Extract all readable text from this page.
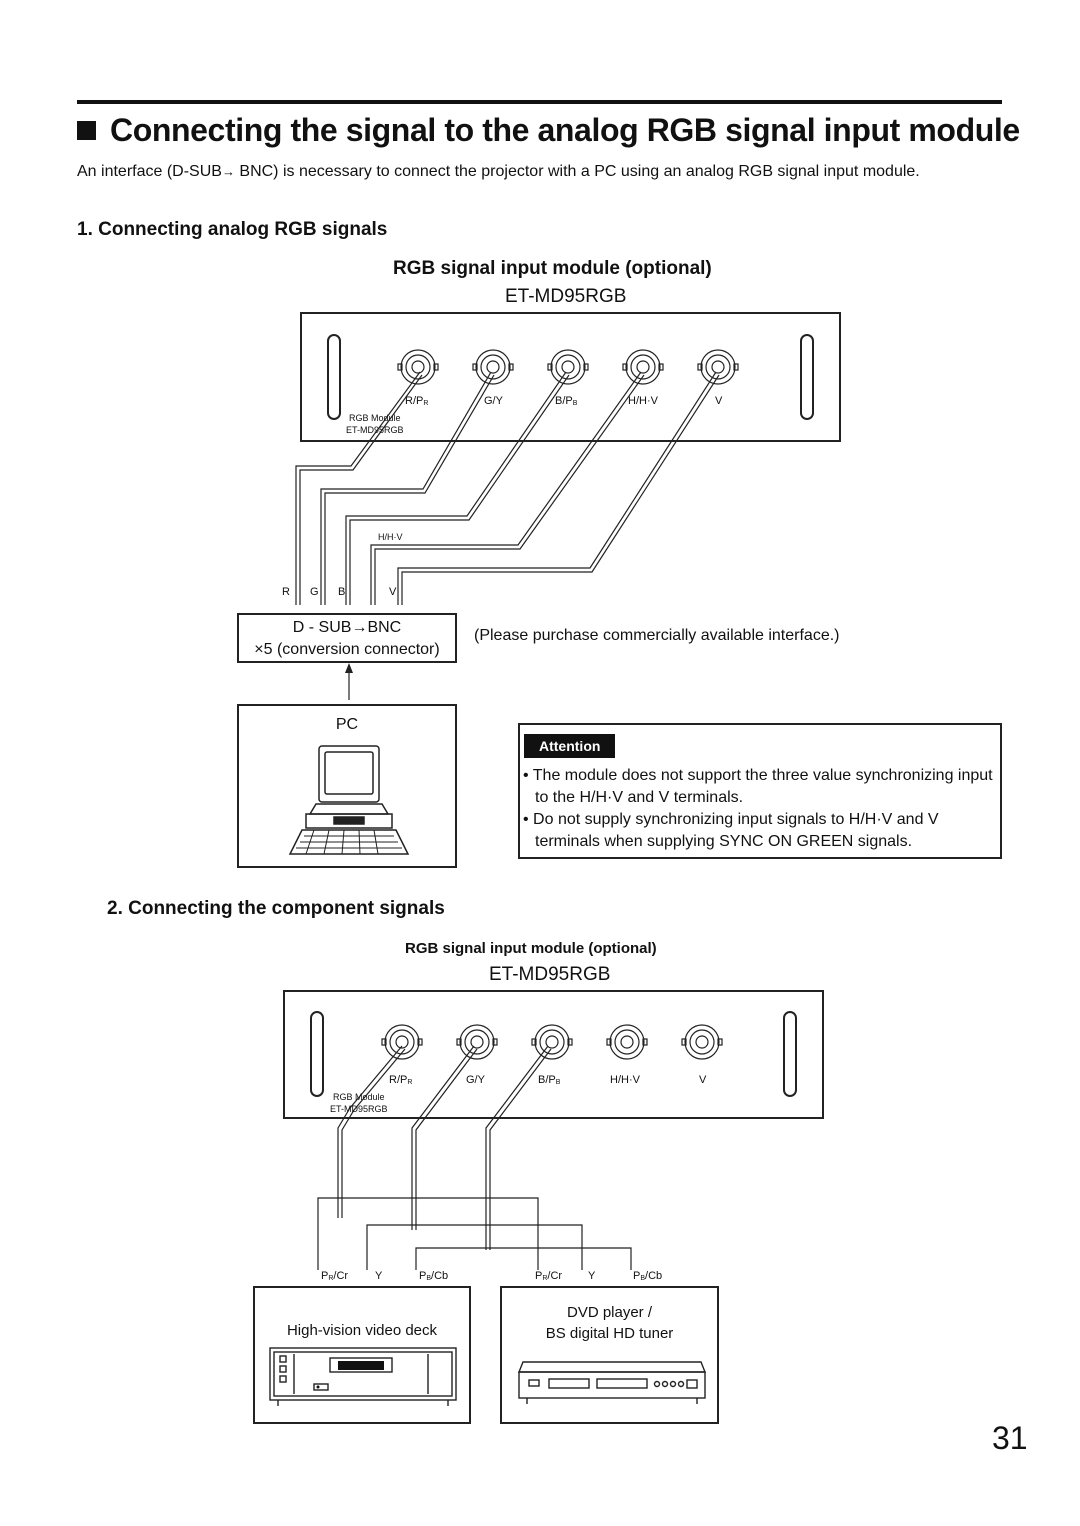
Connecting the signal to the analog RGB signal input module
An interface (D-SUB→ BNC) is necessary to connect the projector with a PC using an analog RGB signal input module.
1. Connecting analog RGB signals
RGB signal input module (optional)
ET-MD95RGB
$R/P_R$	G/Y	$B/P_B$	H/H·V	V
RGB Module
ET-MD95RGB
H/H·V
R G B	V
D - SUB→BNC
×5 (conversion connector)
(Please purchase commercially available interface.)
PC
Attention
• The module does not support the three value synchronizing input to the H/H·V and V terminals.
• Do not supply synchronizing input signals to H/H·V and V terminals when supplying SYNC ON GREEN signals.
2. Connecting the component signals
RGB signal input module (optional)
ET-MD95RGB
$R/P_R$	G/Y	$B/P_B$	H/H·V	V
RGB Module
ET-MD95RGB
$P_R/Cr$ Y	$P_B/Cb$	$P_R/Cr$ Y	$P_B/Cb$
High-vision video deck
DVD player /
BS digital HD tuner
31
